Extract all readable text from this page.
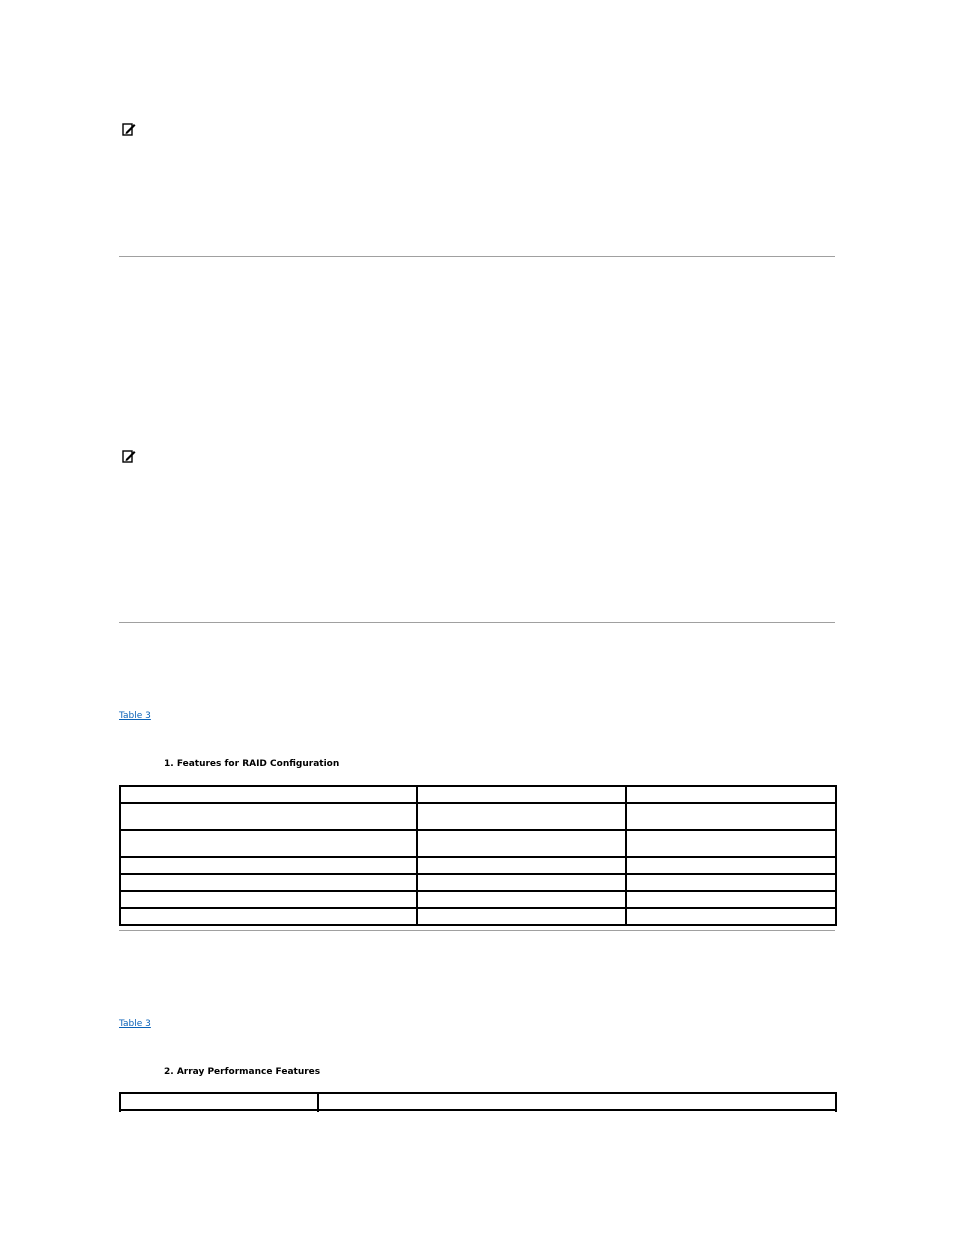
Table 3
1. Features for RAID Configuration

Table 3
2. Array Performance Features
